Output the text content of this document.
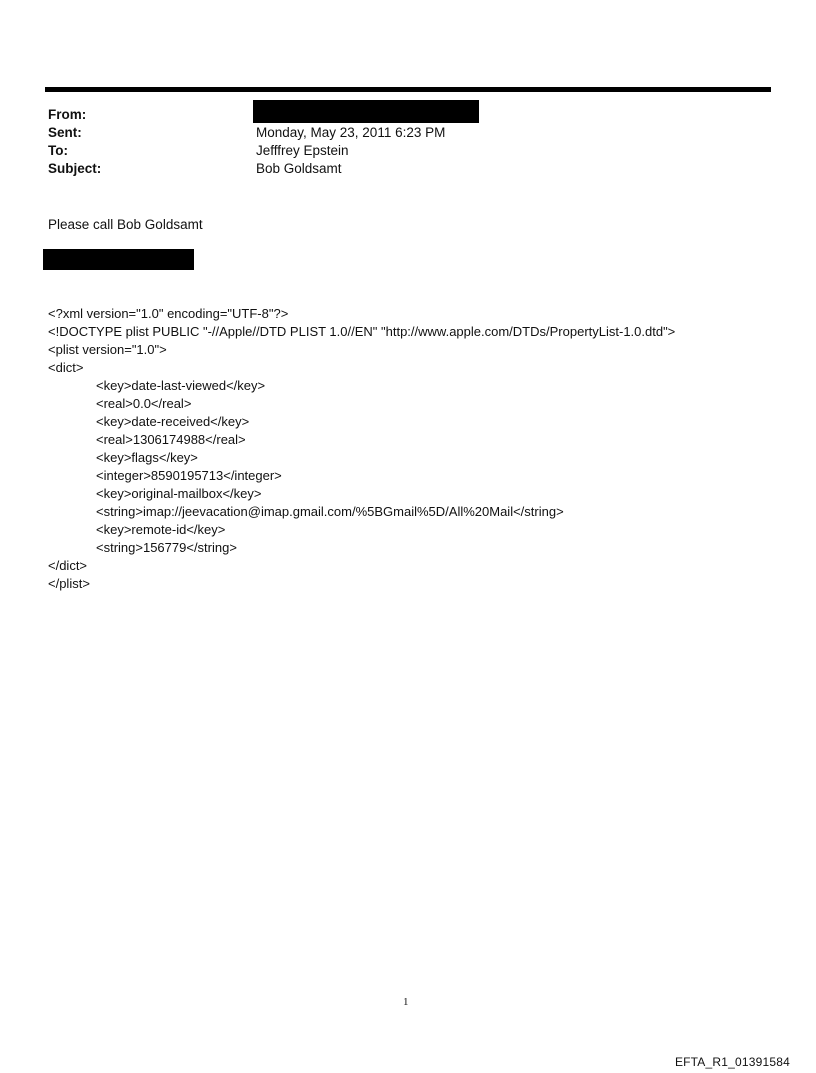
From:
Sent:	Monday, May 23, 2011 6:23 PM
To:	Jefffrey Epstein
Subject:	Bob Goldsamt
Please call Bob Goldsamt
<?xml version="1.0" encoding="UTF-8"?>
<!DOCTYPE plist PUBLIC "-//Apple//DTD PLIST 1.0//EN" "http://www.apple.com/DTDs/PropertyList-1.0.dtd">
<plist version="1.0">
<dict>
<key>date-last-viewed</key>
<real>0.0</real>
<key>date-received</key>
<real>1306174988</real>
<key>flags</key>
<integer>8590195713</integer>
<key>original-mailbox</key>
<string>imap://jeevacation@imap.gmail.com/%5BGmail%5D/All%20Mail</string>
<key>remote-id</key>
<string>156779</string>
</dict>
</plist>
1
EFTA_R1_01391584
